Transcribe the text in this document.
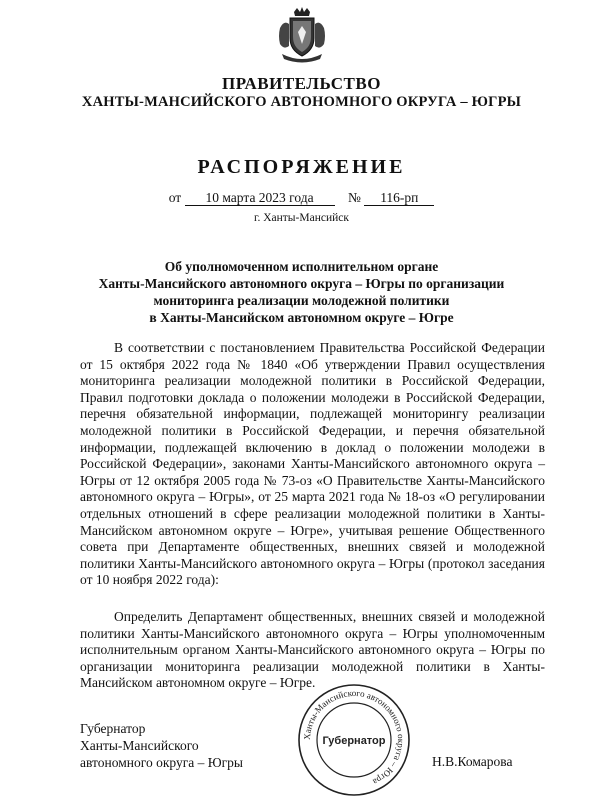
ПРАВИТЕЛЬСТВО
ХАНТЫ-МАНСИЙСКОГО АВТОНОМНОГО ОКРУГА – ЮГРЫ
РАСПОРЯЖЕНИЕ
от 10 марта 2023 года	№ 116-рп
г. Ханты-Мансийск
Об уполномоченном исполнительном органе
Ханты-Мансийского автономного округа – Югры по организации
мониторинга реализации молодежной политики
в Ханты-Мансийском автономном округе – Югре

В соответствии с постановлением Правительства Российской Федерации от 15 октября 2022 года № 1840 «Об утверждении Правил осуществления мониторинга реализации молодежной политики в Российской Федерации, Правил подготовки доклада о положении молодежи в Российской Федерации, перечня обязательной информации, подлежащей мониторингу реализации молодежной политики в Российской Федерации, и перечня обязательной информации, подлежащей включению в доклад о положении молодежи в Российской Федерации», законами Ханты-Мансийского автономного округа – Югры от 12 октября 2005 года № 73-оз «О Правительстве Ханты-Мансийского автономного округа – Югры», от 25 марта 2021 года № 18-оз «О регулировании отдельных отношений в сфере реализации молодежной политики в Ханты-Мансийском автономном округе – Югре», учитывая решение Общественного совета при Департаменте общественных, внешних связей и молодежной политики Ханты-Мансийского автономного округа – Югры (протокол заседания от 10 ноября 2022 года):

Определить Департамент общественных, внешних связей и молодежной политики Ханты-Мансийского автономного округа – Югры уполномоченным исполнительным органом Ханты-Мансийского автономного округа – Югры по организации мониторинга реализации молодежной политики в Ханты-Мансийском автономном округе – Югре.

Губернатор
Ханты-Мансийского
автономного округа – Югры
Ханты-Мансийского автономного округа – Югра
Губернатор
Н.В.Комарова
